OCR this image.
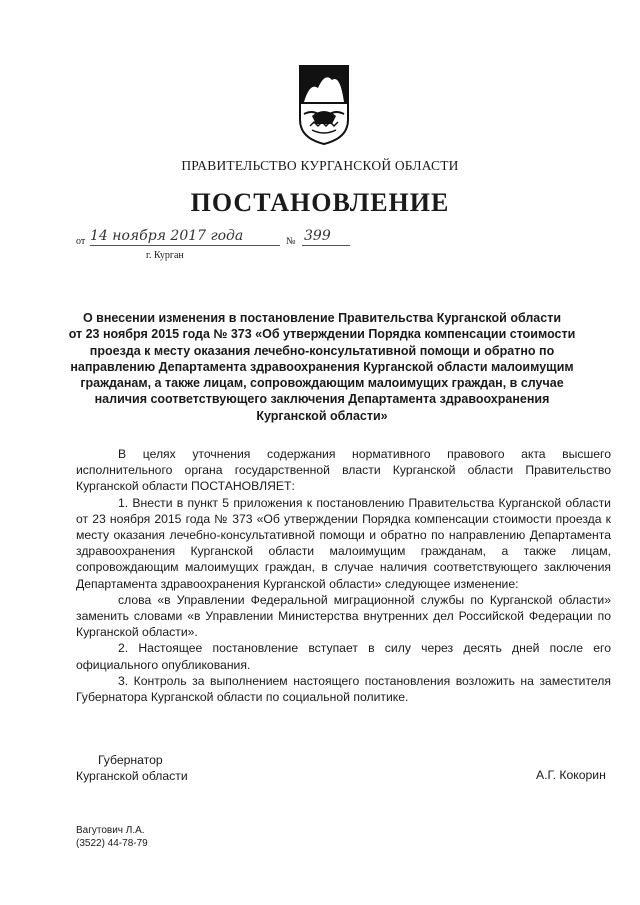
ПРАВИТЕЛЬСТВО КУРГАНСКОЙ ОБЛАСТИ
ПОСТАНОВЛЕНИЕ
от 14 ноября 2017 года	№ 399
г. Курган
О внесении изменения в постановление Правительства Курганской области
от 23 ноября 2015 года № 373 «Об утверждении Порядка компенсации стоимости
проезда к месту оказания лечебно-консультативной помощи и обратно по
направлению Департамента здравоохранения Курганской области малоимущим
гражданам, а также лицам, сопровождающим малоимущих граждан, в случае
наличия соответствующего заключения Департамента здравоохранения
Курганской области»

В целях уточнения содержания нормативного правового акта высшего исполнительного органа государственной власти Курганской области Правительство Курганской области ПОСТАНОВЛЯЕТ:

1. Внести в пункт 5 приложения к постановлению Правительства Курганской области от 23 ноября 2015 года № 373 «Об утверждении Порядка компенсации стоимости проезда к месту оказания лечебно-консультативной помощи и обратно по направлению Департамента здравоохранения Курганской области малоимущим гражданам, а также лицам, сопровождающим малоимущих граждан, в случае наличия соответствующего заключения Департамента здравоохранения Курганской области» следующее изменение:

слова «в Управлении Федеральной миграционной службы по Курганской области» заменить словами «в Управлении Министерства внутренних дел Российской Федерации по Курганской области».

2. Настоящее постановление вступает в силу через десять дней после его официального опубликования.

3. Контроль за выполнением настоящего постановления возложить на заместителя Губернатора Курганской области по социальной политике.

Губернатор
Курганской области	А.Г. Кокорин
Вагутович Л.А.
(3522) 44-78-79
